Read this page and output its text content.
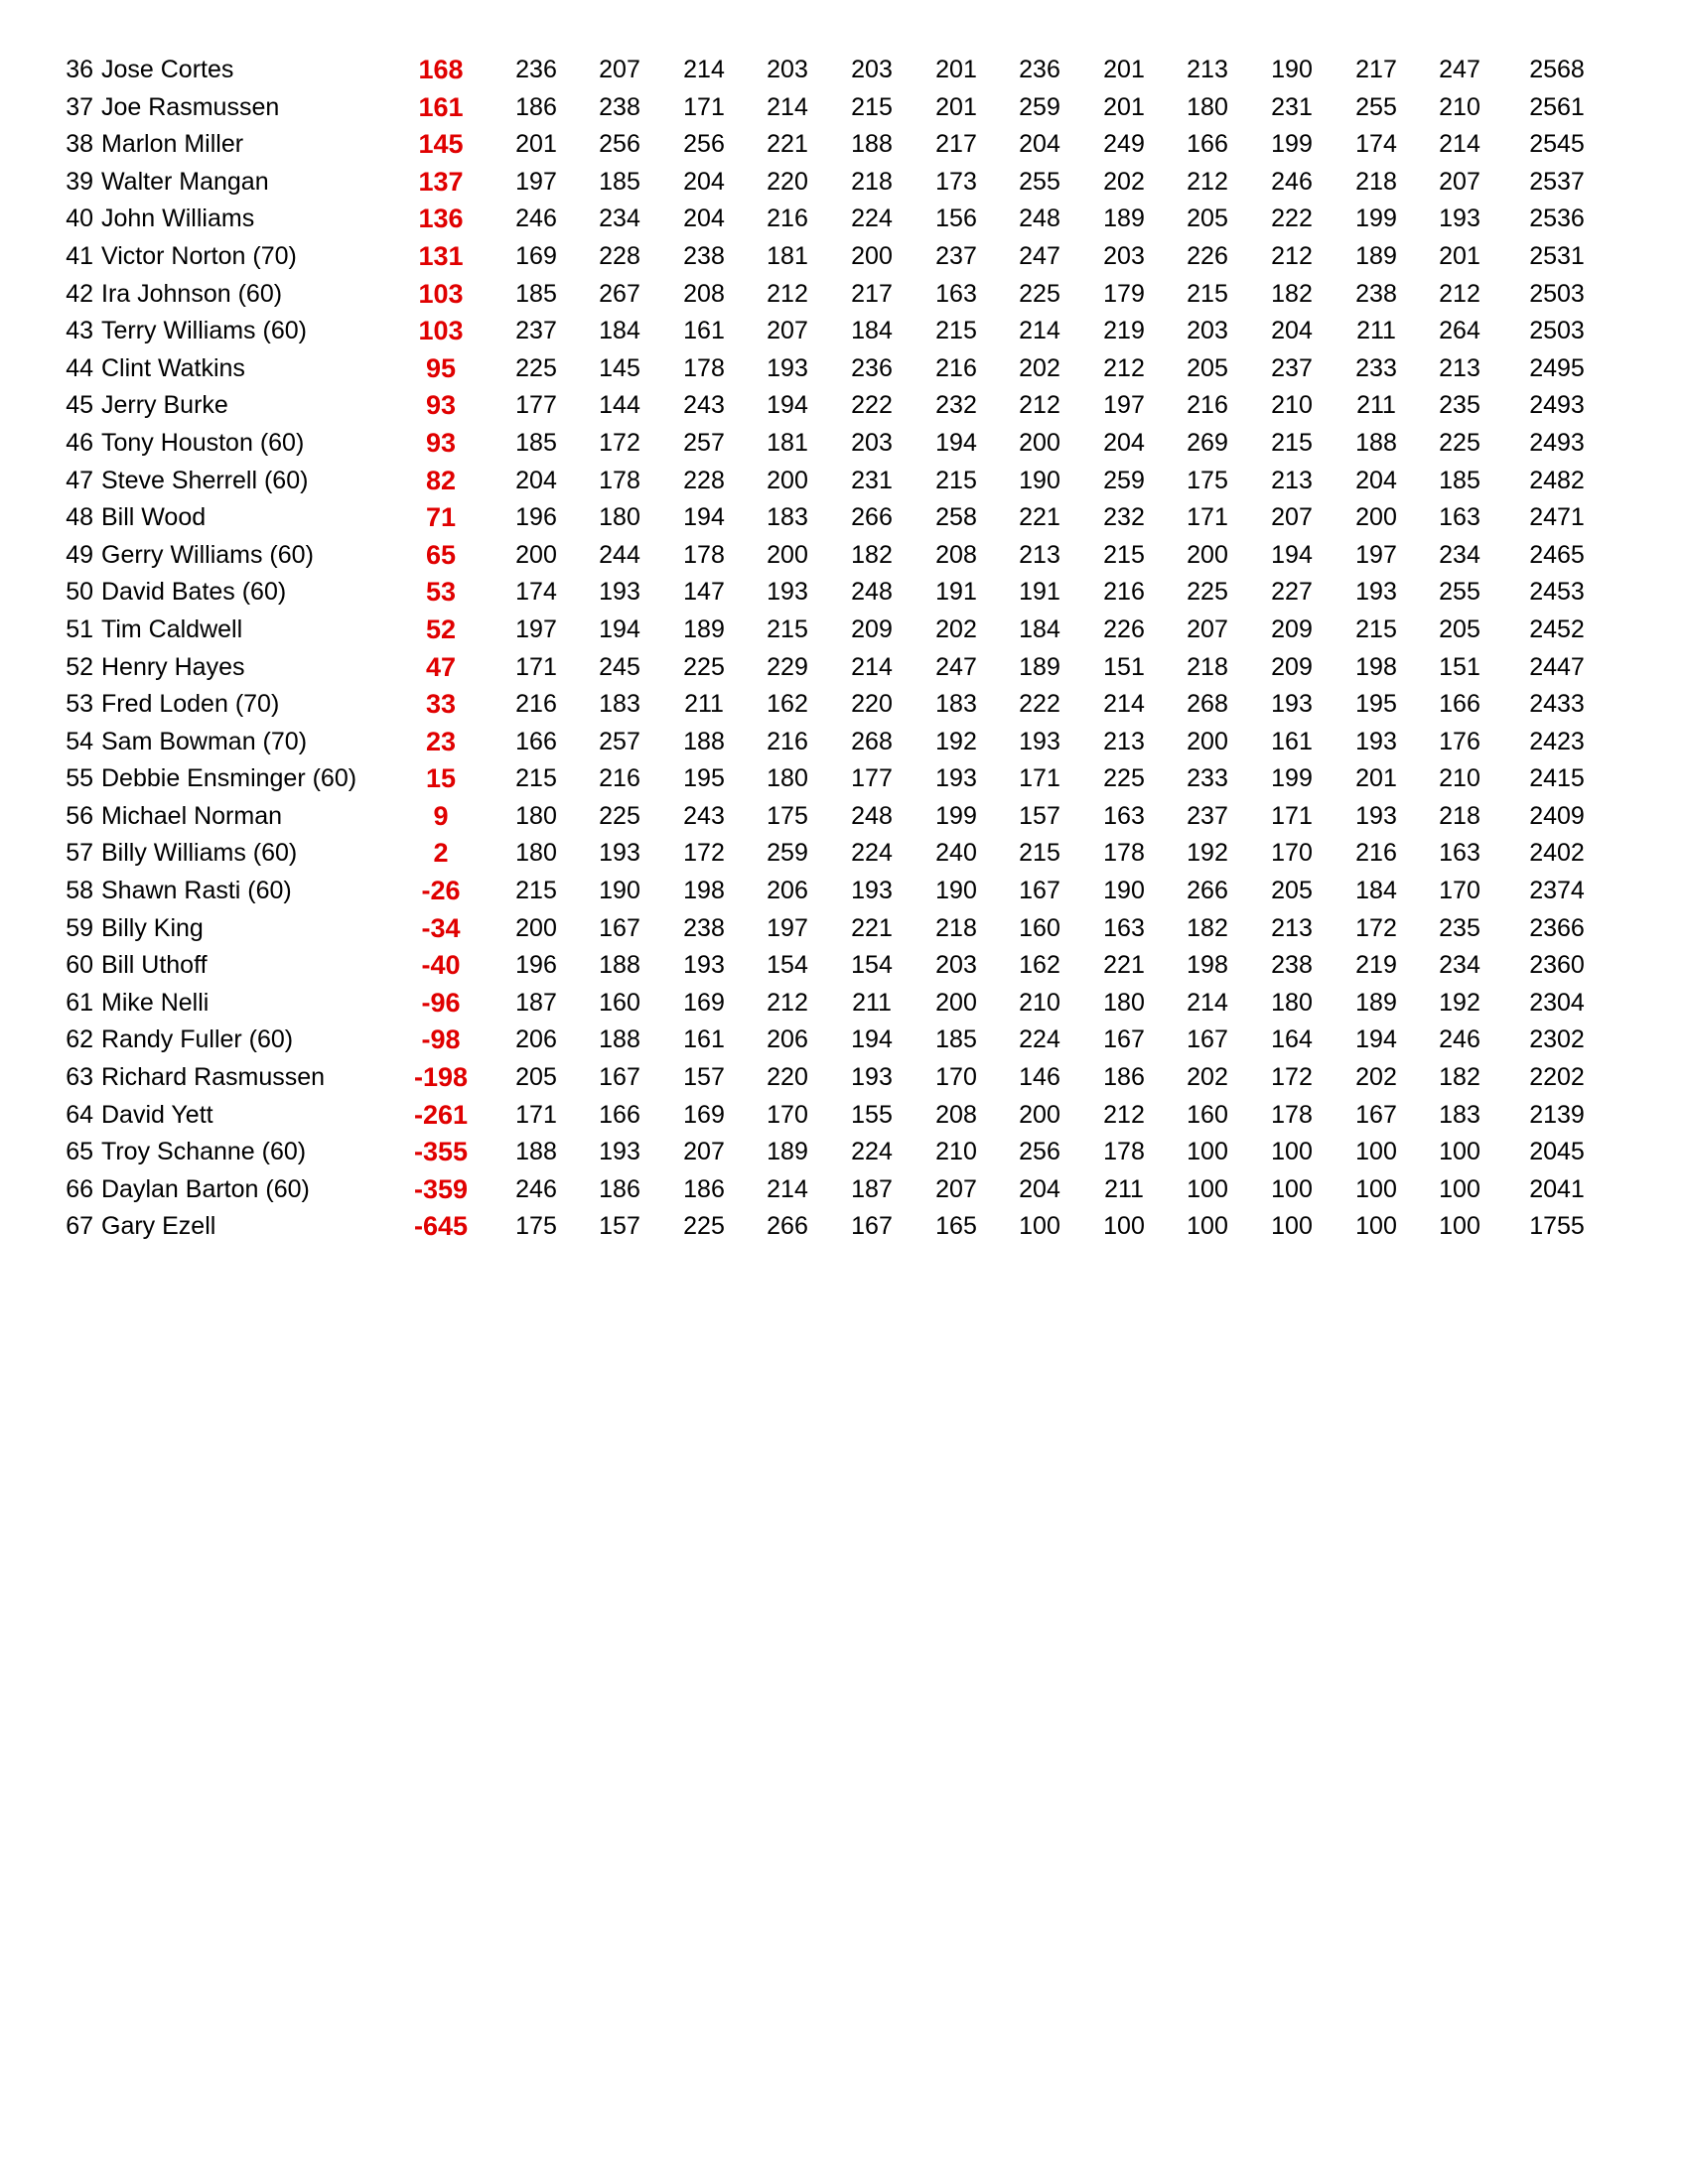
36 Jose Cortes	168	236	207	214	203	203	201	236	201	213	190	217	247	2568
37 Joe Rasmussen	161	186	238	171	214	215	201	259	201	180	231	255	210	2561
38 Marlon Miller	145	201	256	256	221	188	217	204	249	166	199	174	214	2545
39 Walter Mangan	137	197	185	204	220	218	173	255	202	212	246	218	207	2537
40 John Williams	136	246	234	204	216	224	156	248	189	205	222	199	193	2536
41 Victor Norton (70)	131	169	228	238	181	200	237	247	203	226	212	189	201	2531
42 Ira Johnson (60)	103	185	267	208	212	217	163	225	179	215	182	238	212	2503
43 Terry Williams (60)	103	237	184	161	207	184	215	214	219	203	204	211	264	2503
44 Clint Watkins	95	225	145	178	193	236	216	202	212	205	237	233	213	2495
45 Jerry Burke	93	177	144	243	194	222	232	212	197	216	210	211	235	2493
46 Tony Houston (60)	93	185	172	257	181	203	194	200	204	269	215	188	225	2493
47 Steve Sherrell (60)	82	204	178	228	200	231	215	190	259	175	213	204	185	2482
48 Bill Wood	71	196	180	194	183	266	258	221	232	171	207	200	163	2471
49 Gerry Williams (60)	65	200	244	178	200	182	208	213	215	200	194	197	234	2465
50 David Bates (60)	53	174	193	147	193	248	191	191	216	225	227	193	255	2453
51 Tim Caldwell	52	197	194	189	215	209	202	184	226	207	209	215	205	2452
52 Henry Hayes	47	171	245	225	229	214	247	189	151	218	209	198	151	2447
53 Fred Loden (70)	33	216	183	211	162	220	183	222	214	268	193	195	166	2433
54 Sam Bowman (70)	23	166	257	188	216	268	192	193	213	200	161	193	176	2423
55 Debbie Ensminger (60)	15	215	216	195	180	177	193	171	225	233	199	201	210	2415
56 Michael Norman	9	180	225	243	175	248	199	157	163	237	171	193	218	2409
57 Billy Williams (60)	2	180	193	172	259	224	240	215	178	192	170	216	163	2402
58 Shawn Rasti (60)	-26	215	190	198	206	193	190	167	190	266	205	184	170	2374
59 Billy King	-34	200	167	238	197	221	218	160	163	182	213	172	235	2366
60 Bill Uthoff	-40	196	188	193	154	154	203	162	221	198	238	219	234	2360
61 Mike Nelli	-96	187	160	169	212	211	200	210	180	214	180	189	192	2304
62 Randy Fuller (60)	-98	206	188	161	206	194	185	224	167	167	164	194	246	2302
63 Richard Rasmussen	-198	205	167	157	220	193	170	146	186	202	172	202	182	2202
64 David Yett	-261	171	166	169	170	155	208	200	212	160	178	167	183	2139
65 Troy Schanne (60)	-355	188	193	207	189	224	210	256	178	100	100	100	100	2045
66 Daylan Barton (60)	-359	246	186	186	214	187	207	204	211	100	100	100	100	2041
67 Gary Ezell	-645	175	157	225	266	167	165	100	100	100	100	100	100	1755
